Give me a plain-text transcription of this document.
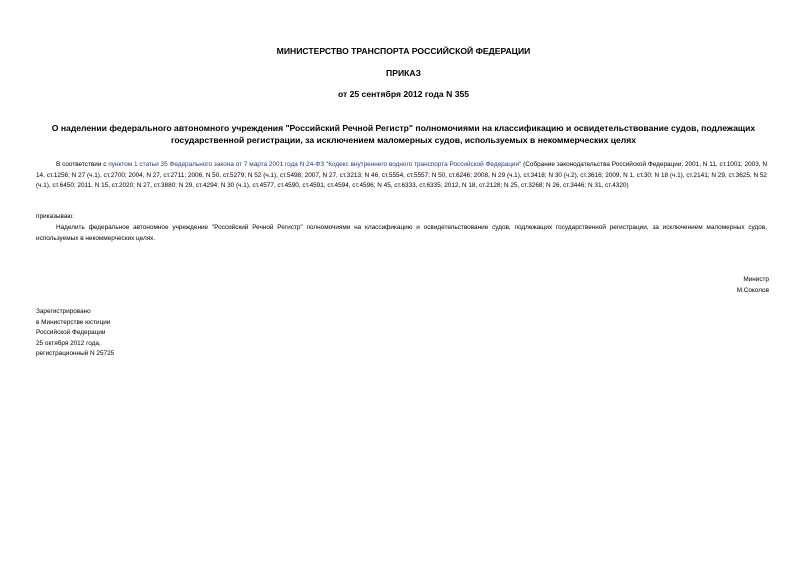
МИНИСТЕРСТВО ТРАНСПОРТА РОССИЙСКОЙ ФЕДЕРАЦИИ

ПРИКАЗ

от 25 сентября 2012 года N 355

О наделении федерального автономного учреждения "Российский Речной Регистр" полномочиями на классификацию и освидетельствование судов, подлежащих государственной регистрации, за исключением маломерных судов, используемых в некоммерческих целях

В соответствии с пунктом 1 статьи 35 Федерального закона от 7 марта 2001 года N 24-ФЗ "Кодекс внутреннего водного транспорта Российской Федерации" (Собрание законодательства Российской Федерации, 2001, N 11, ст.1001; 2003, N 14, ст.1256; N 27 (ч.1), ст.2700; 2004, N 27, ст.2711; 2006, N 50, ст.5279; N 52 (ч.1), ст.5498; 2007, N 27, ст.3213; N 46, ст.5554, ст.5557; N 50, ст.6246; 2008, N 29 (ч.1), ст.3418; N 30 (ч.2), ст.3616; 2009, N 1, ст.30; N 18 (ч.1), ст.2141; N 29, ст.3625, N 52 (ч.1), ст.6450; 2011, N 15, ст.2020; N 27, ст.3880; N 29, ст.4294; N 30 (ч.1), ст.4577, ст.4590, ст.4591, ст.4594, ст.4596; N 45, ст.6333, ст.6335; 2012, N 18, ст.2128; N 25, ст.3268; N 26, ст.3446; N 31, ст.4320)

приказываю:

Наделить федеральное автономное учреждение "Российский Речной Регистр" полномочиями на классификацию и освидетельствование судов, подлежащих государственной регистрации, за исключением маломерных судов, используемых в некоммерческих целях.

Министр
М.Соколов
Зарегистрировано
в Министерстве юстиции
Российской Федерации
25 октября 2012 года,
регистрационный N 25725
